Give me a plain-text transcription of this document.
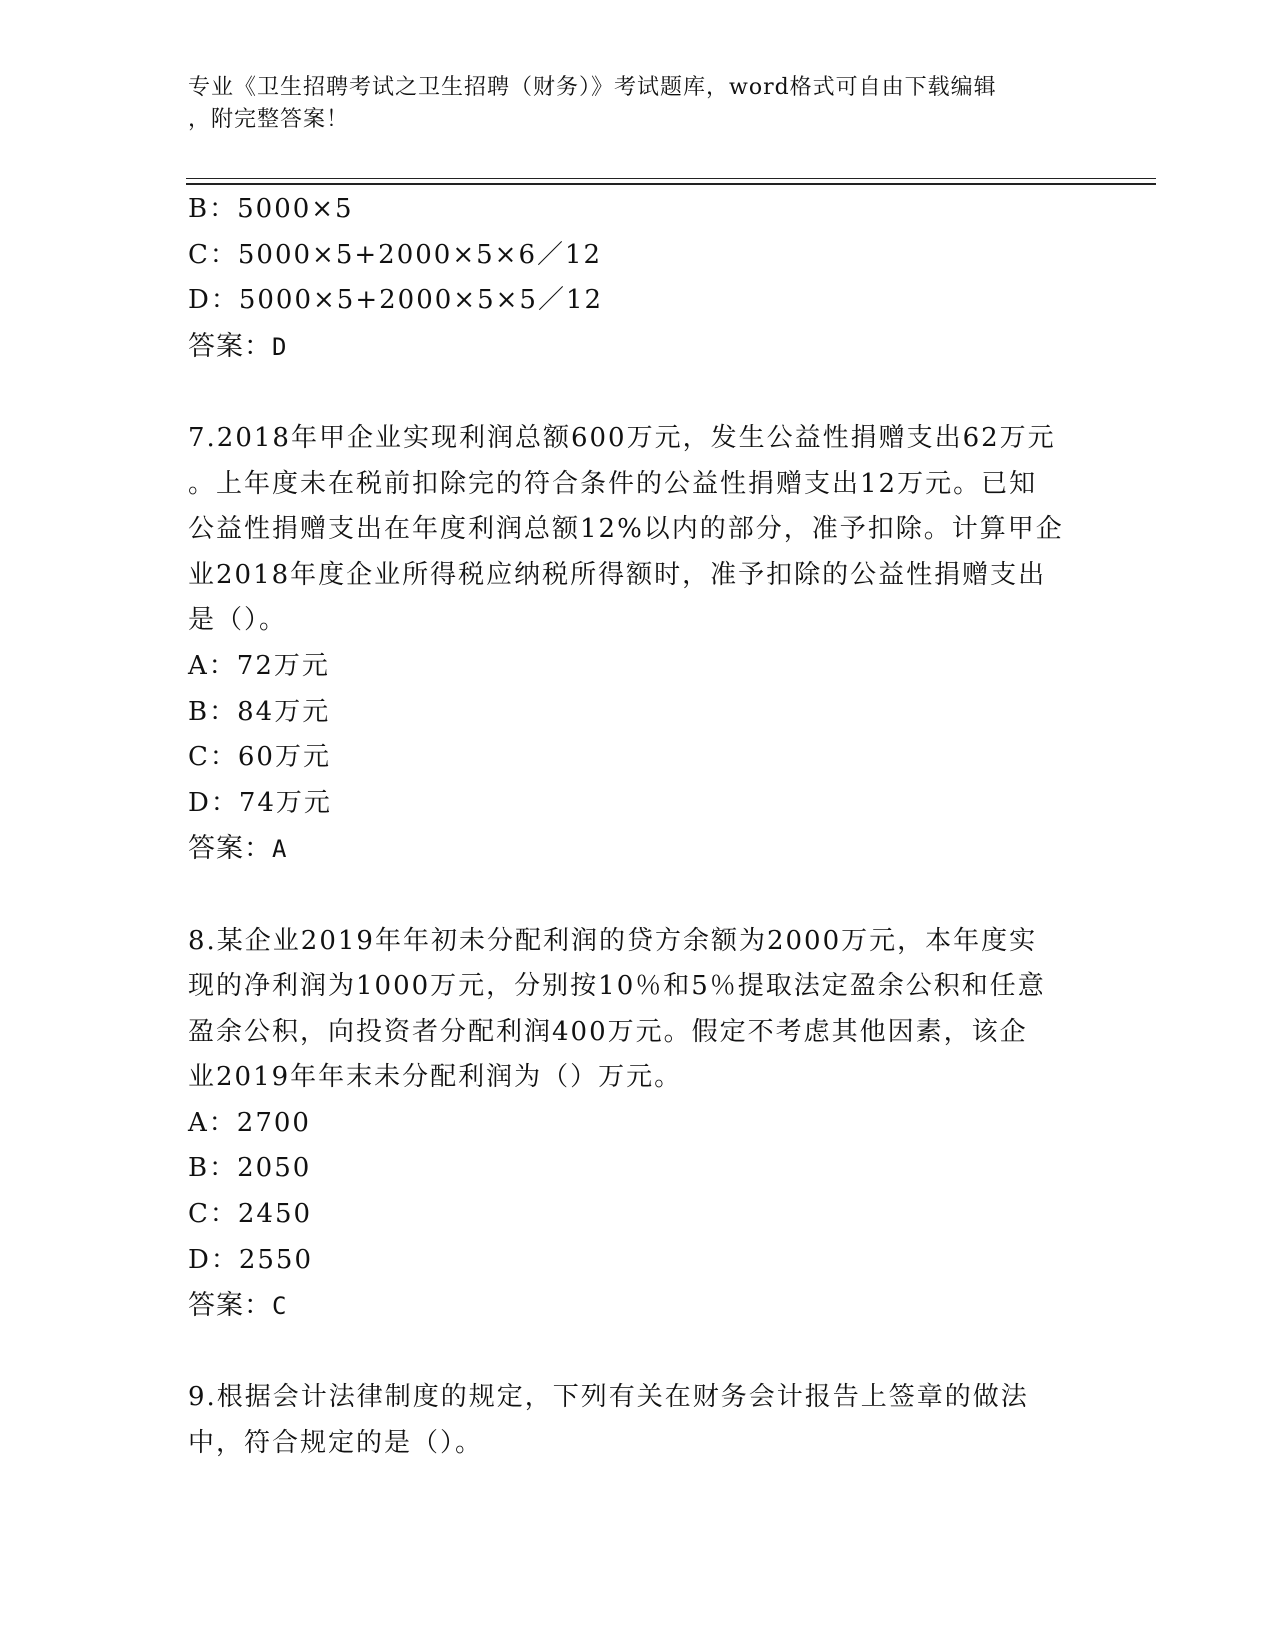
专业《卫生招聘考试之卫生招聘（财务）》考试题库，word格式可自由下载编辑
，附完整答案！
B：5000×5
C：5000×5+2000×5×6／12
D：5000×5+2000×5×5／12
答案：D
7.2018年甲企业实现利润总额600万元，发生公益性捐赠支出62万元
。上年度未在税前扣除完的符合条件的公益性捐赠支出12万元。已知
公益性捐赠支出在年度利润总额12%以内的部分，准予扣除。计算甲企
业2018年度企业所得税应纳税所得额时，准予扣除的公益性捐赠支出
是（）。
A：72万元
B：84万元
C：60万元
D：74万元
答案：A
8.某企业2019年年初未分配利润的贷方余额为2000万元，本年度实
现的净利润为1000万元，分别按10％和5％提取法定盈余公积和任意
盈余公积，向投资者分配利润400万元。假定不考虑其他因素，该企
业2019年年末未分配利润为（）万元。
A：2700
B：2050
C：2450
D：2550
答案：C
9.根据会计法律制度的规定，下列有关在财务会计报告上签章的做法
中，符合规定的是（）。
